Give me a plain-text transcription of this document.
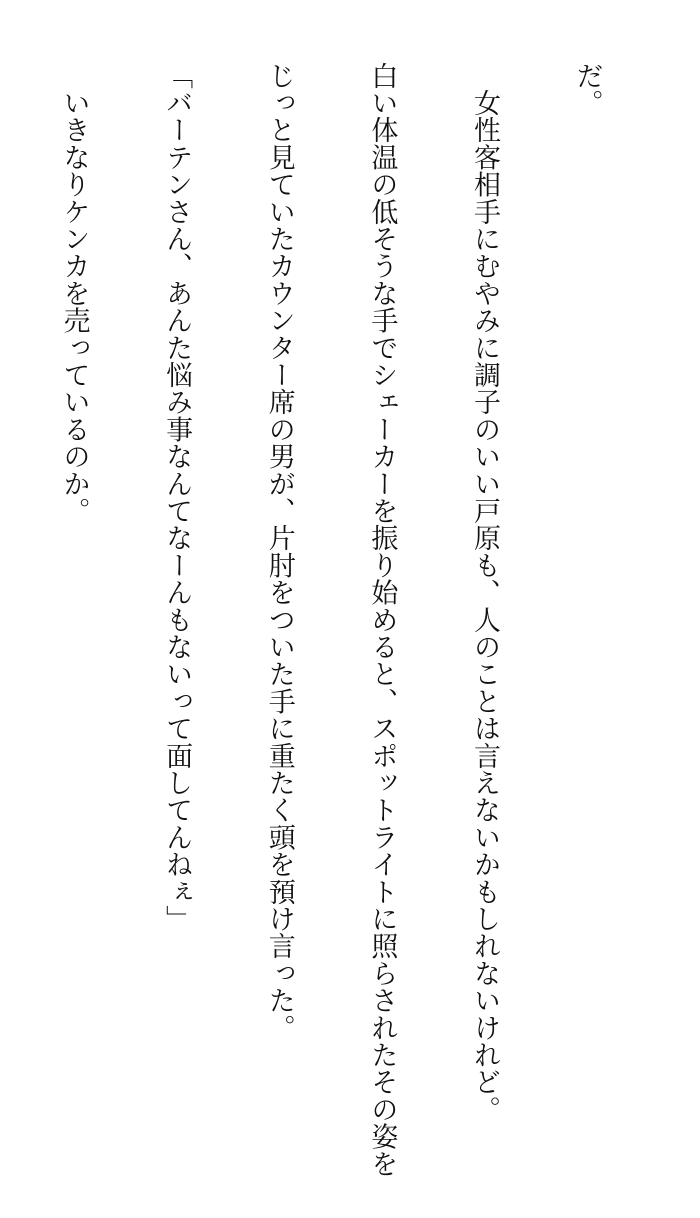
だ。

　女性客相手にむやみに調子のいい戸原も、人のことは言えないかもしれないけれど。

白い体温の低そうな手でシェーカーを振り始めると、スポットライトに照らされたその姿を

じっと見ていたカウンター席の男が、片肘をついた手に重たく頭を預け言った。

「バーテンさん、あんた悩み事なんてなーんもないって面してんねぇ」

　いきなりケンカを売っているのか。
